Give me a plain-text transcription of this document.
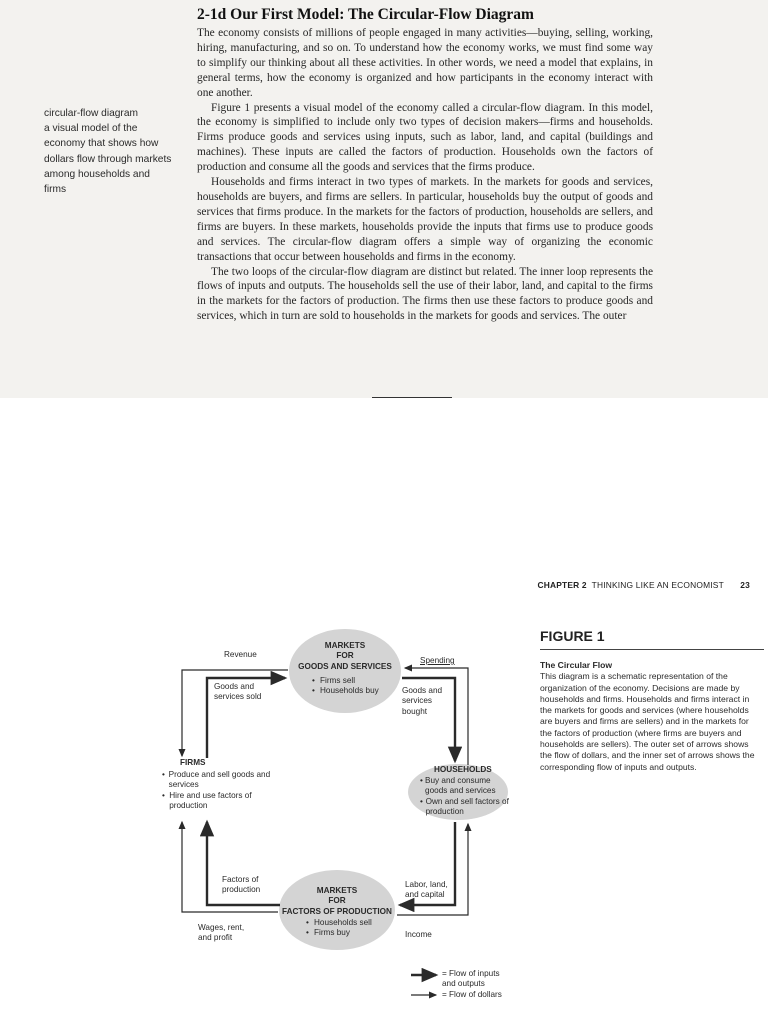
circular-flow diagram
a visual model of the economy that shows how dollars flow through markets among households and firms
2-1d Our First Model: The Circular-Flow Diagram

The economy consists of millions of people engaged in many activities—buying, selling, working, hiring, manufacturing, and so on. To understand how the economy works, we must find some way to simplify our thinking about all these activities. In other words, we need a model that explains, in general terms, how the economy is organized and how participants in the economy interact with one another.

Figure 1 presents a visual model of the economy called a circular-flow diagram. In this model, the economy is simplified to include only two types of decision makers—firms and households. Firms produce goods and services using inputs, such as labor, land, and capital (buildings and machines). These inputs are called the factors of production. Households own the factors of production and consume all the goods and services that the firms produce.

Households and firms interact in two types of markets. In the markets for goods and services, households are buyers, and firms are sellers. In particular, households buy the output of goods and services that firms produce. In the markets for the factors of production, households are sellers, and firms are buyers. In these markets, households provide the inputs that firms use to produce goods and services. The circular-flow diagram offers a simple way of organizing the economic transactions that occur between households and firms in the economy.

The two loops of the circular-flow diagram are distinct but related. The inner loop represents the flows of inputs and outputs. The households sell the use of their labor, land, and capital to the firms in the markets for the factors of production. The firms then use these factors to produce goods and services, which in turn are sold to households in the markets for goods and services. The outer

CHAPTER 2 THINKING LIKE AN ECONOMIST 23
FIGURE 1
The Circular Flow
This diagram is a schematic representation of the organization of the economy. Decisions are made by households and firms. Households and firms interact in the markets for goods and services (where households are buyers and firms are sellers) and in the markets for the factors of production (where firms are buyers and households are sellers). The outer set of arrows shows the flow of dollars, and the inner set of arrows shows the corresponding flow of inputs and outputs.
MARKETS
FOR
GOODS AND SERVICES
• Firms sell
• Households buy
MARKETS
FOR
FACTORS OF PRODUCTION
• Households sell
• Firms buy
FIRMS
• Produce and sell goods and services
• Hire and use factors of production
HOUSEHOLDS
• Buy and consume goods and services
• Own and sell factors of production
Revenue
Spending
Goods and services sold
Goods and services bought
Factors of production
Labor, land, and capital
Wages, rent, and profit	Income
= Flow of inputs and outputs
= Flow of dollars
